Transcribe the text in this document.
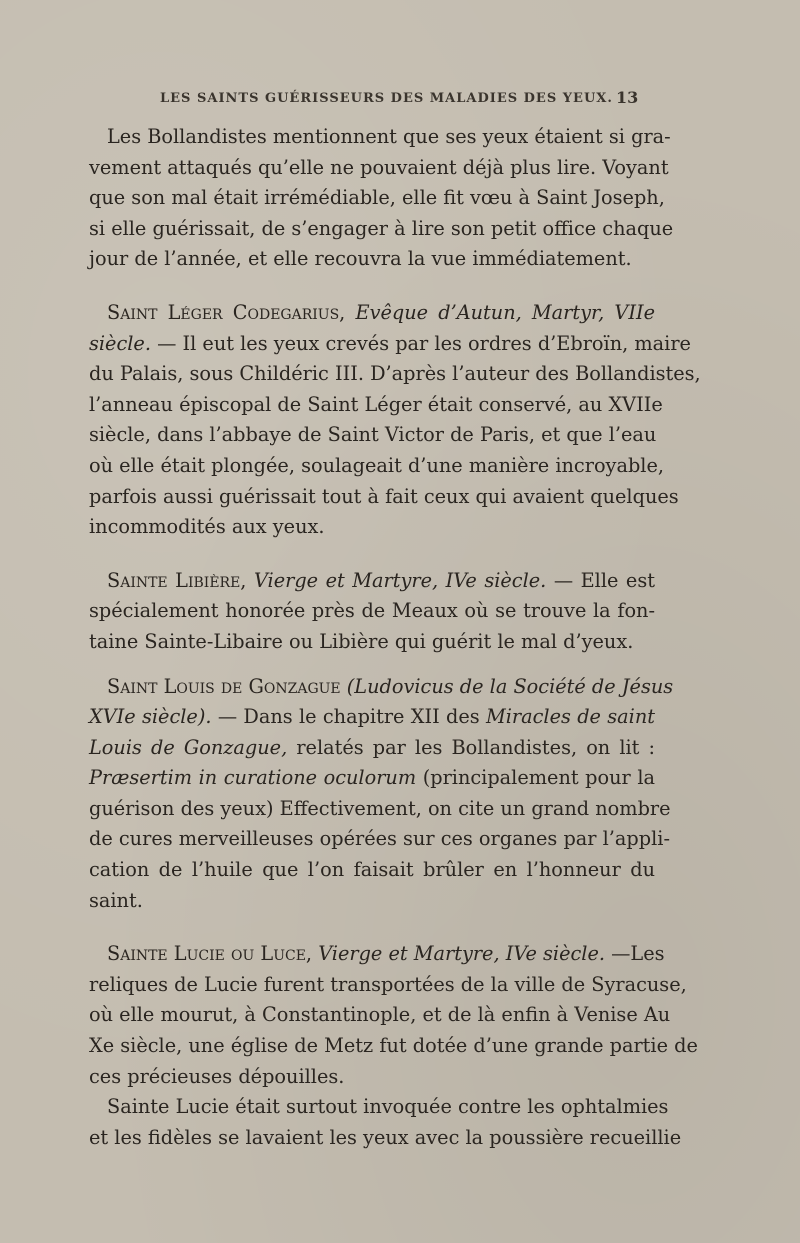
LES SAINTS GUÉRISSEURS DES MALADIES DES YEUX. 13

Les Bollandistes mentionnent que ses yeux étaient si gra-
vement attaqués qu’elle ne pouvaient déjà plus lire. Voyant
que son mal était irrémédiable, elle fit vœu à Saint Joseph,
si elle guérissait, de s’engager à lire son petit office chaque
jour de l’année, et elle recouvra la vue immédiatement.

Saint Léger Codegarius, Evêque d’Autun, Martyr, VIIe
siècle. — Il eut les yeux crevés par les ordres d’Ebroïn, maire
du Palais, sous Childéric III. D’après l’auteur des Bollandistes,
l’anneau épiscopal de Saint Léger était conservé, au XVIIe
siècle, dans l’abbaye de Saint Victor de Paris, et que l’eau
où elle était plongée, soulageait d’une manière incroyable,
parfois aussi guérissait tout à fait ceux qui avaient quelques
incommodités aux yeux.

Sainte Libière, Vierge et Martyre, IVe siècle. — Elle est
spécialement honorée près de Meaux où se trouve la fon-
taine Sainte-Libaire ou Libière qui guérit le mal d’yeux.

Saint Louis de Gonzague (Ludovicus de la Société de Jésus
XVIe siècle). — Dans le chapitre XII des Miracles de saint
Louis de Gonzague, relatés par les Bollandistes, on lit :
Præsertim in curatione oculorum (principalement pour la
guérison des yeux) Effectivement, on cite un grand nombre
de cures merveilleuses opérées sur ces organes par l’appli-
cation de l’huile que l’on faisait brûler en l’honneur du
saint.

Sainte Lucie ou Luce, Vierge et Martyre, IVe siècle. —Les
reliques de Lucie furent transportées de la ville de Syracuse,
où elle mourut, à Constantinople, et de là enfin à Venise Au
Xe siècle, une église de Metz fut dotée d’une grande partie de
ces précieuses dépouilles.

Sainte Lucie était surtout invoquée contre les ophtalmies
et les fidèles se lavaient les yeux avec la poussière recueillie
